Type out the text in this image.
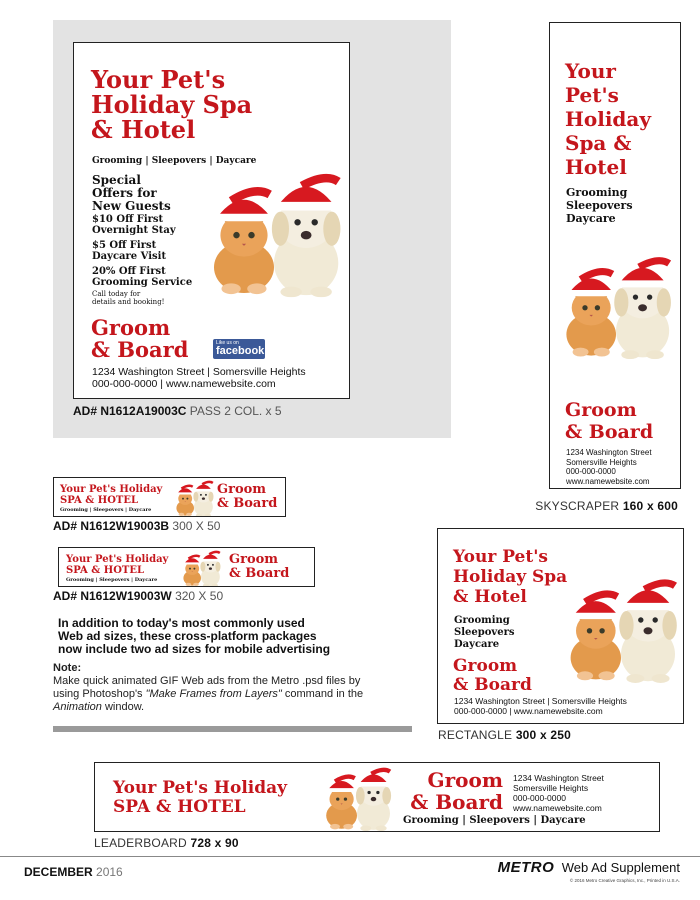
Your Pet's
Holiday Spa
& Hotel
Grooming | Sleepovers | Daycare
Special
Offers for
New Guests
$10 Off First
Overnight Stay
$5 Off First
Daycare Visit
20% Off First
Grooming Service
Call today for
details and booking!
Groom
& Board	Like us on
facebook
1234 Washington Street | Somersville Heights
000-000-0000 | www.namewebsite.com
AD# N1612A19003C PASS 2 COL. x 5
Your
Pet's
Holiday
Spa &
Hotel
Grooming
Sleepovers
Daycare
Groom
& Board
1234 Washington Street
Somersville Heights
000-000-0000
www.namewebsite.com
SKYSCRAPER 160 x 600
Your Pet's Holiday
SPA & HOTEL
Grooming | Sleepovers | Daycare
Groom
& Board
AD# N1612W19003B 300 X 50
Your Pet's Holiday
SPA & HOTEL
Grooming | Sleepovers | Daycare
Groom
& Board
AD# N1612W19003W 320 X 50
In addition to today's most commonly used
Web ad sizes, these cross-platform packages
now include two ad sizes for mobile advertising
Note:
Make quick animated GIF Web ads from the Metro .psd files by
using Photoshop's "Make Frames from Layers" command in the
Animation window.
Your Pet's
Holiday Spa
& Hotel
Grooming
Sleepovers
Daycare
Groom
& Board
1234 Washington Street | Somersville Heights
000-000-0000 | www.namewebsite.com
RECTANGLE 300 x 250
Your Pet's Holiday
SPA & HOTEL
Groom
& Board
1234 Washington Street
Somersville Heights
000-000-0000
www.namewebsite.com
Grooming | Sleepovers | Daycare
LEADERBOARD 728 x 90
DECEMBER 2016	METRO Web Ad Supplement
© 2016 Metro Creative Graphics, Inc., Printed in U.S.A.
